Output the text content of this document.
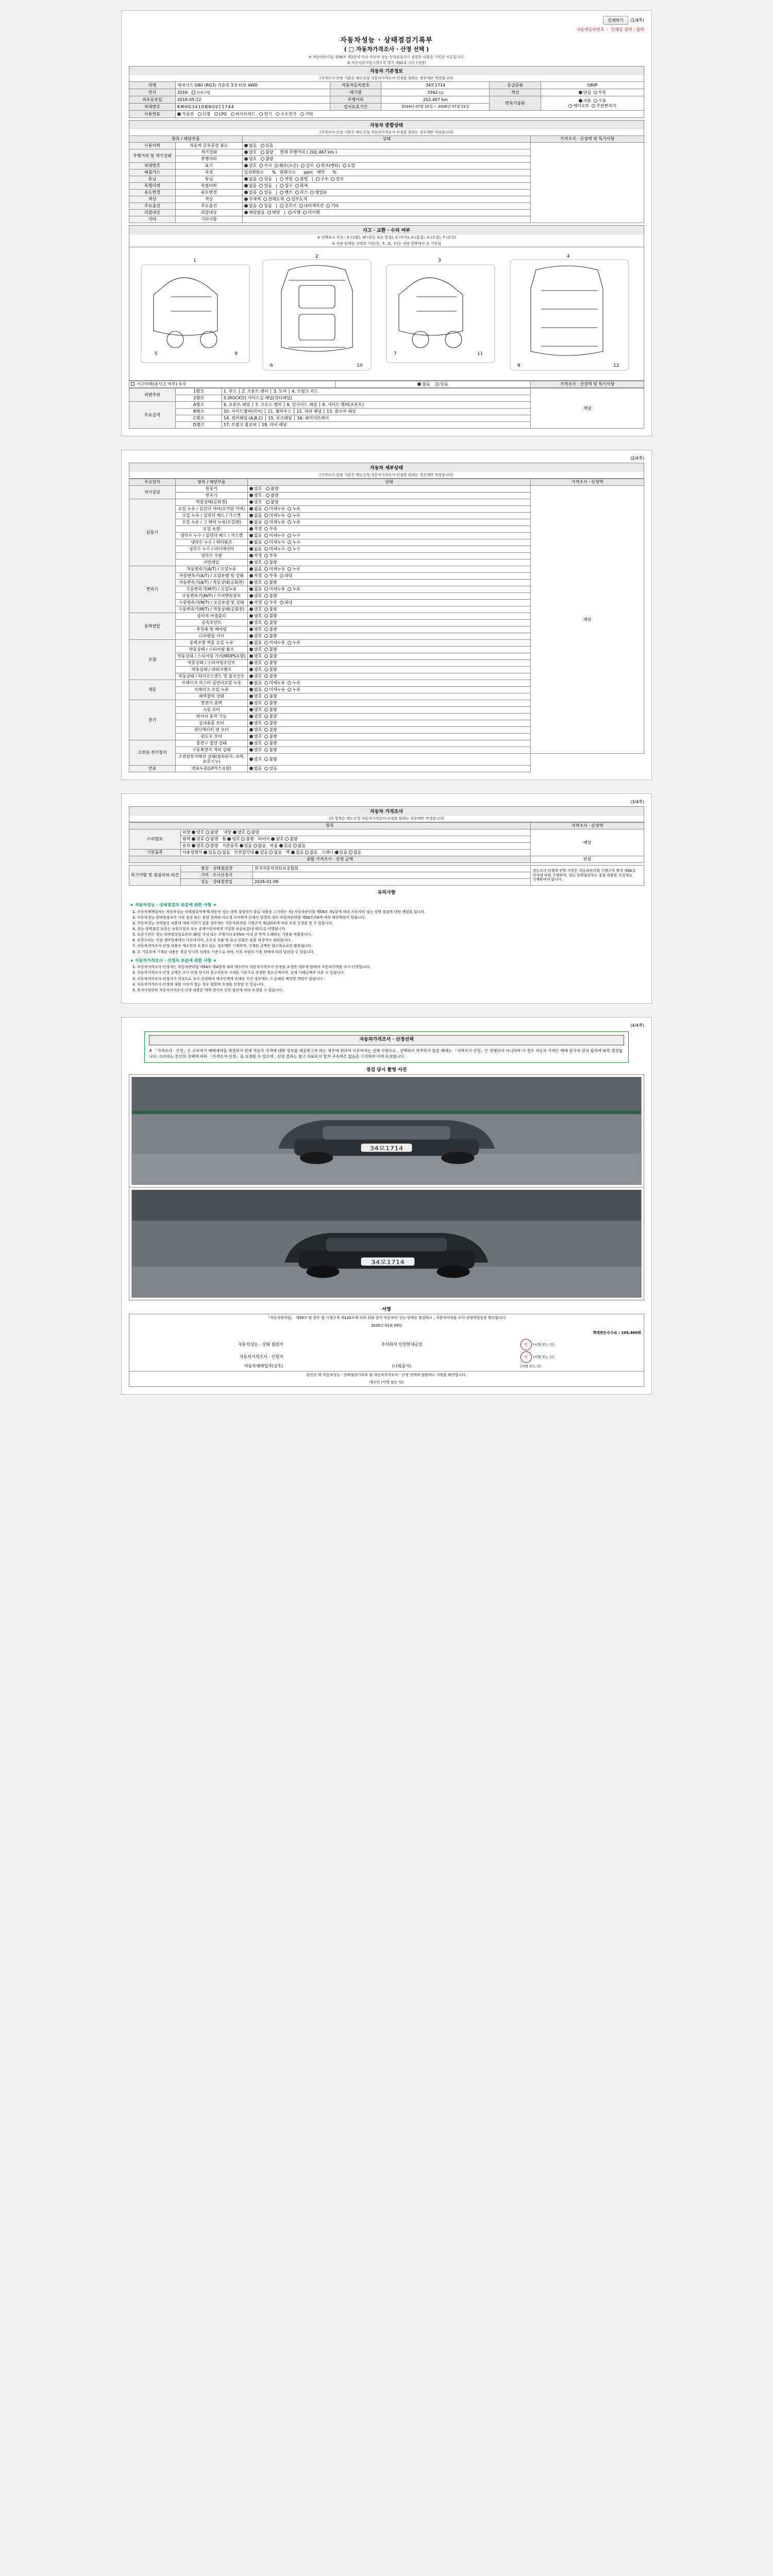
인쇄하기	(1/4쪽)
자동차등록번호 ｜ 인쇄일 출력 : 출력
자동차성능 · 상태점검기록부
( □ 자동차가격조사 · 산정 선택 )
※ 자동차관리법 제58조 제1항에 따라 자동차 성능·상태점검자가 점검한 내용을 기록한 서류입니다.
※ 자동차관리법시행규칙 별지 제82호 서식 (개정)
자동차 기본정보
(가격조사·산정 기준은 매도신청 자동차가격조사·산정을 원하는 경우에만 작성합니다)
차명	제네시스 G80 (RG3) 가솔린 3.5 터보 AWD	자동차등록번호	34모1714	등급분류	580P
연식	2016 신차구입	배기량	3342 cc	색상	단일 투톤
최초등록일	2016-05-12	주행거리	202,467 km	변속기종류	자동 수동
세미오토 무단변속기
차대번호	KMHG341DBNU011744	검사유효기간	2024년 07월 22일 ~ 2026년 07월 21일		
사용연료	가솔린 디젤 LPG 하이브리드 전기 수소전기 기타				
자동차 종합상태
(가격조사·산정 기준은 매도신청 자동차가격조사·산정을 원하는 경우에만 작성합니다)
항목 / 해당부품		상태	가격조사 · 산정액 및 특기사항
사용이력	자동차 등록증상 용도	없음 있음	
주행거리 및 계기상태	계기상태	양호 불량 현재 주행거리 ( 202,467 km )	
	주행거리	양호   불량	
차대번호	표기	양호 부식 훼손(오손) 상이 변조(변타) 도말	
배출가스	측정	일산화탄소 % 탄화수소 ppm 매연 %	
튜닝	튜닝	없음 있음   |  적법 불법   |  구조 장치	
특별이력	특별이력	없음 있음   |  침수 화재	
용도변경	용도변경	없음 있음   |  렌트 리스 영업용	
색상	색상	무채색 전체도색 일부도색	
주요옵션	주요옵션	없음 있음   |  선루프 내비게이션 기타	
리콜대상	리콜대상	해당없음 해당   |  이행 미이행	
기타	기타사항		
사고 · 교환 · 수리 여부
※ 상태표시 부호 : X (교환), W (판금 또는 용접), C (부식), A (흠집), U (요철), T (손상)
※ 차량 탑재된 상태의 기준(전, 후, 좌, 우)은 차량 앞쪽에서 본 기준임
1
2
3
4
5
6
7
8
9
10
11
12
사고이력(유사고 여부) 유무	없음 있음	가격조사 · 산정액 및 특기사항
외판부위	1랭크	1. 후드 │ 2. 프론트 펜더 │ 3. 도어 │ 4. 트렁크 리드	해당
	2랭크	5.(ROCK만) 사이드실 패널(쿼터패널)	
주요골격	A랭크	6. 프론트 패널 │ 7. 크로스 멤버 │ 8. 인사이드 패널 │ 9. 사이드 멤버(프론트)	
	B랭크	10. 사이드멤버(리어) │ 11. 휠하우스 │ 12. 대쉬 패널 │ 13. 플로어 패널	
	C랭크	14. 필러패널 (A,B,C) │ 15. 루프패널 │ 16. 패키지트레이	
	D랭크	17. 트렁크 플로어 │ 18. 리어 패널	
(2/4쪽)
자동차 세부상태
(가격조사·산정 기준은 매도신청 자동차가격조사·산정을 원하는 경우에만 작성합니다)
주요장치	항목 / 해당부품	상태	가격조사 · 산정액
자기진단	원동기	양호 불량	해당
	변속기	양호 불량	
원동기	작동상태(공회전)	양호 불량	
	오일 누유 / 실린더 커버(로커암 커버)	없음 미세누유 누유	
	오일 누유 / 실린더 헤드 / 가스켓	없음 미세누유 누유	
	오일 누유 / 그 밖의 누유(오일팬)	없음 미세누유 누유	
	오일 유량	적정 부족	
	냉각수 누수 / 실린더 헤드 / 가스켓	없음 미세누수 누수	
	냉각수 누수 / 워터펌프	없음 미세누수 누수	
	냉각수 누수 / 라디에이터	없음 미세누수 누수	
	냉각수 수량	적정 부족	
	커먼레일	양호 불량	
변속기	자동변속기(A/T) / 오일누유	없음 미세누유 누유	
	자동변속기(A/T) / 오일유량 및 상태	적정 부족 과다	
	자동변속기(A/T) / 작동상태(공회전)	양호 불량	
	수동변속기(M/T) / 오일누유	없음 미세누유 누유	
	수동변속기(M/T) / 기어변속장치	양호 불량	
	수동변속기(M/T) / 오일유량 및 상태	적정 부족 과다	
	수동변속기(M/T) / 작동상태(공회전)	양호 불량	
동력전달	클러치 어셈블리	양호 불량	
	등속조인트	양호 불량	
	추진축 및 베어링	양호 불량	
	디퍼렌셜 기어	양호 불량	
조향	동력조향 작동 오일 누유	없음 미세누유 누유	
	작동상태 / 스티어링 펌프	양호 불량	
	작동상태 / 스티어링 기어(MDPS포함)	양호 불량	
	작동상태 / 스티어링조인트	양호 불량	
	작동상태 / 파워크랭크	양호 불량	
	작동상태 / 타이로드엔드 및 볼조인트	양호 불량	
제동	브레이크 마스터 실린더오일 누유	없음 미세누유 누유	
	브레이크 오일 누유	없음 미세누유 누유	
	배력장치 상태	양호 불량	
전기	발전기 출력	양호 불량	
	시동 모터	양호 불량	
	와이퍼 동작 기능	양호 불량	
	실내송풍 모터	양호 불량	
	라디에이터 팬 모터	양호 불량	
	윈도우 모터	양호 불량	
고전원 전기장치	충전구 절연 상태	양호 불량	
	구동축전지 격리 상태	양호 불량	
	고전원전기배선 상태(접속단자, 피복, 보호기구)	양호 불량	
연료	연료누출(LP가스포함)	없음 있음	
(3/4쪽)
자동차 가격조사
(본 항목은 매도신청 자동차가격조사·산정을 원하는 경우에만 작성합니다)
항목		가격조사 · 산정액
수리필요	외장 양호 불량 내장 양호 불량	해당
	광택 양호 불량 휠 양호 불량 타이어 양호 불량	
	유리 양호 불량 기본품목 있음 없음 비품 있음 없음	
기본품목	사용설명서 있음 없음 안전삼각대 있음 없음 잭 있음 없음 스패너 있음 없음	
종합 가격조사 · 산정 금액		만원
특기사항 및 점검자의 의견	점검 · 상태점검장	한국자동차진단보증협회	성능조사·산정에 관한 사항은 자동차관리법 시행규칙 별지 제82호 서식에 따라 기재하며, 성능·상태점검자는 점검 내용을 사실대로 기재하여야 합니다.
	가격 · 조사산정자		
	성능 · 상태점검일	2026-01-09	
유의사항
★ 자동차성능 · 상태점검자 보증에 관한 사항 ★
1. 자동차매매업자는 자동차성능·상태점검자에게(자동차 성능·상태 점검자가 발급 내용을 고지하는 자) 자동차관리법 제58조 제1항에 따라 자동차의 성능·상태 점검에 대한 책임을 집니다.
2. 자동차성능·상태점검자가 거짓 점검 또는 점검 결과와 다르게 고지하여 손해가 발생한 경우 자동차관리법 제58조의4에 따라 배상책임이 있습니다.
3. 자동차성능·상태점검 내용에 대해 이의가 있을 경우에는 자동차관리법 시행규칙 제120조에 따라 조정 신청을 할 수 있습니다.
4. 성능·상태점검 보증은 보험사업자 또는 공제사업자에게 가입한 보증보험(공제)으로 이행됩니다.
5. 보증기간은 성능·상태점검일로부터 30일 이내 또는 주행거리 2천km 이내 중 먼저 도래하는 기준을 적용합니다.
6. 보증수리는 지정 정비업체에서 이루어지며, 소모성 부품 및 튜닝 부품은 보증 대상에서 제외됩니다.
7. 자동차가격조사·산정 내용은 매수인의 요청이 있는 경우에만 기재하며, 기재된 금액은 참고자료로만 활용됩니다.
8. 본 기록부에 기재된 내용은 점검 당시의 상태를 기준으로 하며, 이후 차량의 사용 상태에 따라 달라질 수 있습니다.
★ 자동차가격조사 · 산정자 보증에 관한 사항 ★
1. 자동차가격조사·산정자는 자동차관리법 제58조 제4항에 따라 매수인이 자동차가격조사·산정을 요청한 경우에 한하여 자동차가격을 조사·산정합니다.
2. 자동차가격조사·산정 금액은 조사·산정 당시의 중고자동차 시세를 기준으로 산정한 참고금액이며, 실제 거래금액과 다를 수 있습니다.
3. 자동차가격조사·산정자가 거짓으로 조사·산정하여 매수인에게 손해를 끼친 경우에는 그 손해를 배상할 책임이 있습니다.
4. 자동차가격조사·산정에 대한 이의가 있는 경우 협회에 조정을 신청할 수 있습니다.
5. 복지사항란의 자동차가격조사·산정 내용은 매매 당사자 간의 합의에 따라 조정될 수 있습니다.
(4/4쪽)
자동차가격조사 · 산정선택
※ 「가격조사 · 산정」은 소비자가 매매계약을 체결하기 전에 자동차 가격에 대한 정보를 제공받고자 하는 경우에 한하여 이루어지는 선택 사항으로 , 선택하지 역무하지 않을 때에는 「가격조사·산정」은 진행되지 아니하며 이 경우 자동차 가격은 매매 당사자 간의 합의에 따라 결정됩니다. 소비자는 본인의 선택에 따라 「가격조사·산정」을 요청할 수 있으며 , 산정 결과는 참고 자료로서 법적 구속력은 없음을 고지하며 이에 동의합니다.
점검 당시 촬영 사진
34모1714
34모1714
서명
「자동차관리법」 제58조 및 같은 법 시행규칙 제120조에 따라 위와 같이 자동차의 성능·상태를 점검하고 , 자동차가격을 조사·산정하였음을 확인합니다.
2026년 01월 09일
책정받은수수료 : 105,400원
자동차성능 · 상태 점검자	주식회사 인천현대공업	인 (서명 또는 인)
자동차가격조사 · 산정자		인 (서명 또는 인)
자동차매매업자(상호)	(나평공사)	(서명 또는 인)
본인은 위 자동차성능 · 상태점검기록부 및 자동차가격조사 · 산정 선택에 열람하고 서명을 확인합니다.
매수인 (서명 또는 인)
